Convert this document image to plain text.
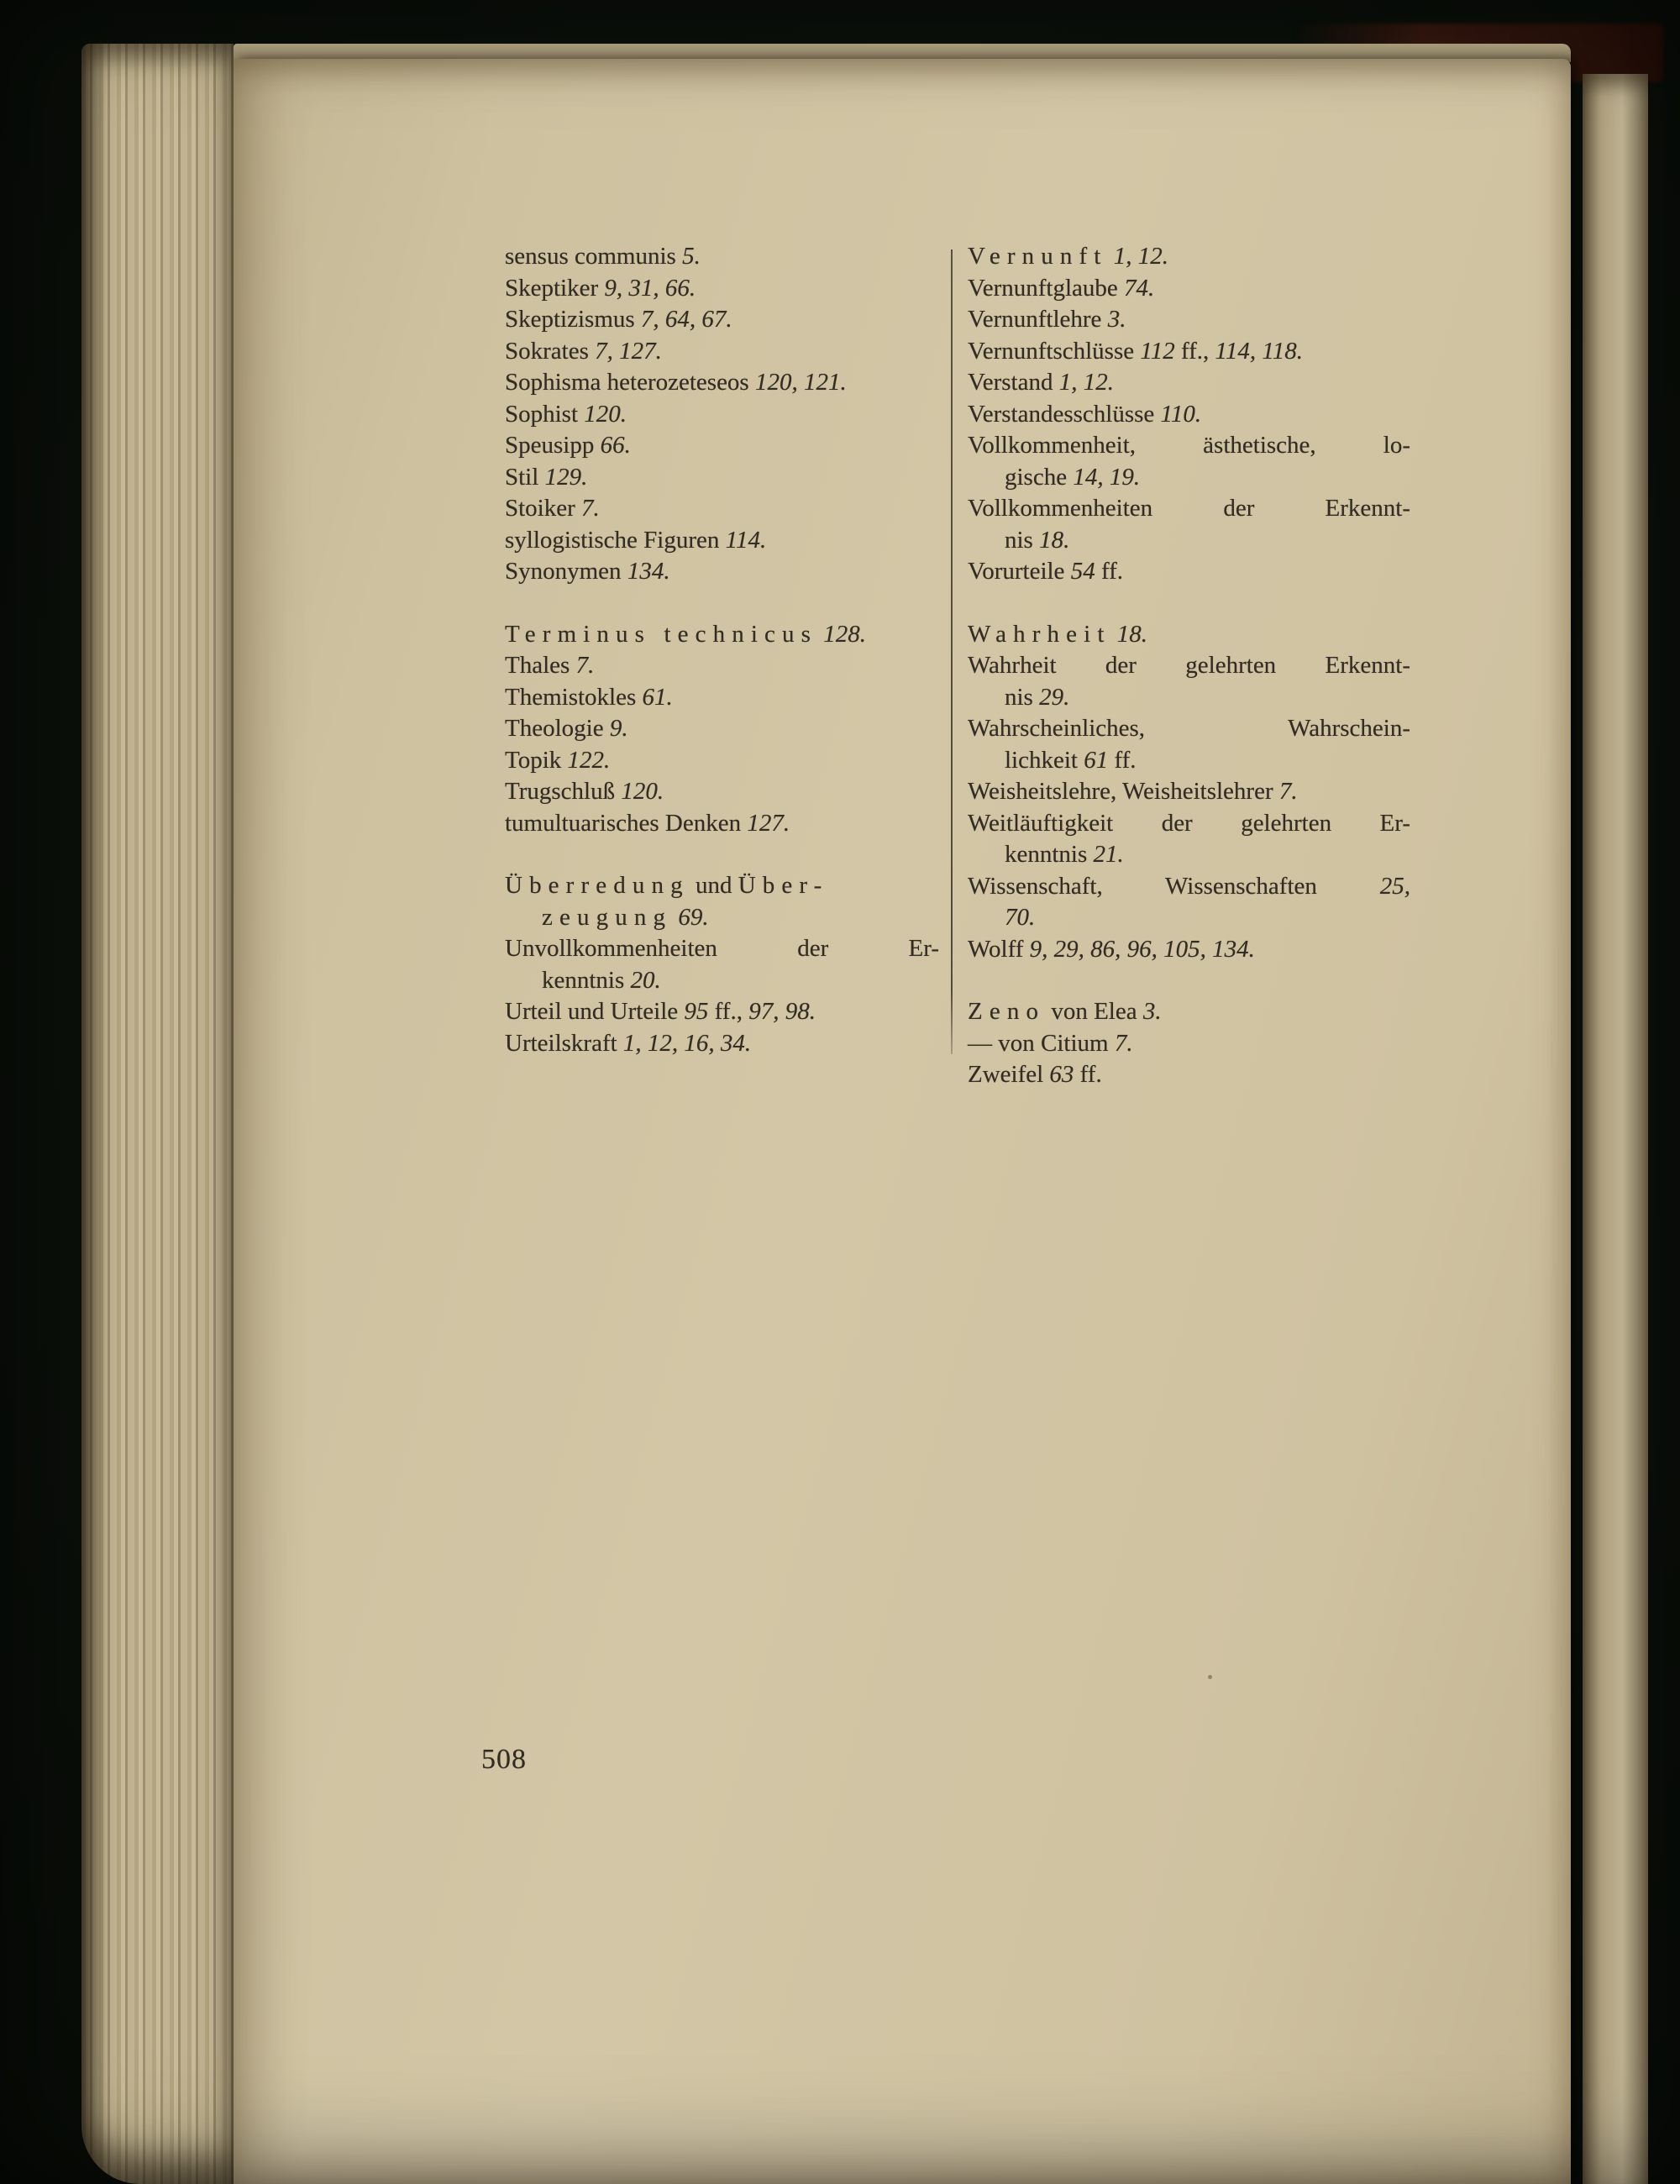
sensus communis 5.
Skeptiker 9, 31, 66.
Skeptizismus 7, 64, 67.
Sokrates 7, 127.
Sophisma heterozeteseos 120, 121.
Sophist 120.
Speusipp 66.
Stil 129.
Stoiker 7.
syllogistische Figuren 114.
Synonymen 134.
Terminus technicus 128.
Thales 7.
Themistokles 61.
Theologie 9.
Topik 122.
Trugschluß 120.
tumultuarisches Denken 127.
Überredung und Über-
zeugung 69.
Unvollkommenheiten der Er-
kenntnis 20.
Urteil und Urteile 95 ff., 97, 98.
Urteilskraft 1, 12, 16, 34.
Vernunft 1, 12.
Vernunftglaube 74.
Vernunftlehre 3.
Vernunftschlüsse 112 ff., 114, 118.
Verstand 1, 12.
Verstandesschlüsse 110.
Vollkommenheit, ästhetische, lo-
gische 14, 19.
Vollkommenheiten der Erkennt-
nis 18.
Vorurteile 54 ff.
Wahrheit 18.
Wahrheit der gelehrten Erkennt-
nis 29.
Wahrscheinliches, Wahrschein-
lichkeit 61 ff.
Weisheitslehre, Weisheitslehrer 7.
Weitläuftigkeit der gelehrten Er-
kenntnis 21.
Wissenschaft, Wissenschaften 25,
70.
Wolff 9, 29, 86, 96, 105, 134.
Zeno von Elea 3.
— von Citium 7.
Zweifel 63 ff.
508
